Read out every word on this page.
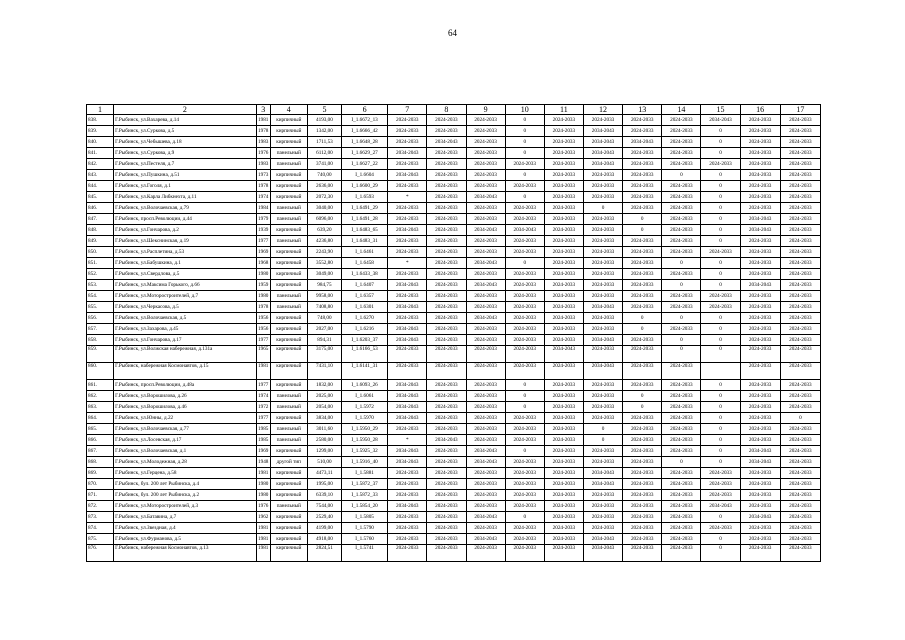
64
1	2	3	4	5	6	7	8	9	10	11	12	13	14	15	16	17
838.	Г.Рыбинск, ул.Вахарева, д.14	1981	кирпичный	4193,00	I_1.6672_13	2024-2033	2024-2033	2024-2033	0	2024-2033	2024-2033	2024-2033	2024-2033	2034-2043	2024-2033	2024-2033
839.	Г.Рыбинск, ул.Суркова, д.5	1978	кирпичный	1342,00	I_1.6666_42	2024-2033	2024-2033	2024-2033	0	2024-2033	2034-2043	2024-2033	2024-2033	0	2024-2033	2024-2033
840.	Г.Рыбинск, ул.Чебышева, д.18	1983	кирпичный	1711,53	I_1.6648_28	2024-2033	2034-2043	2024-2033	0	2024-2033	2034-2043	2034-2043	2024-2033	0	2024-2033	2024-2033
841.	Г.Рыбинск, ул.Суркова, д.9	1976	панельный	6112,00	I_1.6629_27	2034-2043	2024-2033	2024-2033	0	2024-2033	2034-2043	2024-2033	2024-2033	0	2024-2033	2024-2033
842.	Г.Рыбинск, ул.Пестеля, д.7	1983	панельный	3741,00	I_1.6627_22	2024-2033	2024-2033	2024-2033	2024-2033	2024-2033	2034-2043	2024-2033	2024-2033	2024-2033	2024-2033	2024-2033
843.	Г.Рыбинск, ул.Пушкина, д.51	1973	кирпичный	740,00	I_1.6604	2034-2043	2024-2033	2024-2033	0	2024-2033	2024-2033	2024-2033	0	0	2024-2033	2024-2033
844.	Г.Рыбинск, ул.Гоголя, д.1	1978	кирпичный	2636,00	I_1.6600_29	2024-2033	2024-2033	2024-2033	2024-2033	2024-2033	2024-2033	2024-2033	2024-2033	0	2024-2033	2024-2033
845.	Г.Рыбинск, ул.Карла Либкнехта, д.11	1974	кирпичный	2072,30	I_1.6593	*	2024-2033	2034-2043	0	2024-2033	2024-2033	2024-2033	2024-2033	0	2024-2033	2024-2033
846.	Г.Рыбинск, ул.Волочаевская, д.79	1984	панельный	3040,00	I_1.6491_29	2024-2033	2024-2033	2024-2033	2024-2033	2024-2033	0	2024-2033	2024-2033	0	2024-2033	2024-2033
847.	Г.Рыбинск, просп.Революции, д.44	1979	панельный	6096,00	I_1.6491_28	2024-2033	2024-2033	2024-2033	2024-2033	2024-2033	2024-2033	0	2024-2033	0	2034-2043	2024-2033
848.	Г.Рыбинск, ул.Гончарова, д.2	1939	кирпичный	639,20	I_1.6483_65	2034-2043	2024-2033	2034-2043	2034-2043	2024-2033	2024-2033	0	2024-2033	0	2034-2043	2024-2033
849.	Г.Рыбинск, ул.Шекснинская, д.19	1977	панельный	4236,80	I_1.6483_31	2024-2033	2024-2033	2024-2033	2024-2033	2024-2033	2024-2033	2024-2033	2024-2033	0	2024-2033	2024-2033
850.	Г.Рыбинск, ул.Расплетина, д.53	1969	кирпичный	2243,90	I_1.6461	2024-2033	2024-2033	2024-2033	2024-2033	2024-2033	2024-2033	2024-2033	2024-2033	2024-2033	2024-2033	2024-2033
851.	Г.Рыбинск, ул.Бабушкина, д.1	1968	кирпичный	3552,80	I_1.6458	*	2024-2033	2034-2043	0	2024-2033	2024-2033	2024-2033	0	0	2024-2033	2024-2033
852.	Г.Рыбинск, ул.Свердлова, д.5	1980	кирпичный	3049,00	I_1.6433_38	2024-2033	2024-2033	2024-2033	2024-2033	2024-2033	2024-2033	2024-2033	2024-2033	0	2024-2033	2024-2033
853.	Г.Рыбинск, ул.Максима Горького, д.66	1959	кирпичный	984,75	I_1.6407	2034-2043	2024-2033	2034-2043	2024-2033	2024-2033	2024-2033	2024-2033	0	0	2034-2043	2024-2033
854.	Г.Рыбинск, ул.Моторостроителей, д.7	1980	панельный	9958,00	I_1.6357	2024-2033	2024-2033	2024-2033	2024-2033	2024-2033	2024-2033	2024-2033	2024-2033	2024-2033	2024-2033	2024-2033
855.	Г.Рыбинск, ул.Черкасова, д.5	1978	панельный	7408,80	I_1.6301	2034-2043	2024-2033	2024-2033	2024-2033	2024-2033	2034-2043	2024-2033	2024-2033	2024-2033	2024-2033	2024-2033
856.	Г.Рыбинск, ул.Волочаевская, д.5	1956	кирпичный	748,00	I_1.6270	2024-2033	2024-2033	2034-2043	2024-2033	2024-2033	2024-2033	0	0	0	2024-2033	2024-2033
857.	Г.Рыбинск, ул.Захарова, д.45	1956	кирпичный	2027,00	I_1.6216	2034-2043	2024-2033	2024-2033	2024-2033	2024-2033	2024-2033	0	2024-2033	0	2024-2033	2024-2033
858.	Г.Рыбинск, ул.Гончарова, д.17	1977	кирпичный	894,31	I_1.6203_37	2034-2043	2024-2033	2024-2033	2024-2033	2024-2033	2034-2043	2024-2033	0	0	2024-2033	2024-2033
859.	Г.Рыбинск, ул.Волжская набережная, д.131а	1965	кирпичный	3175,00	I_1.6166_53	2024-2033	2024-2033	2024-2033	2024-2033	2034-2043	2024-2033	2024-2033	0	0	2024-2033	2024-2033
860.	Г.Рыбинск, набережная Космонавтов, д.15	1981	кирпичный	7431,10	I_1.6141_31	2024-2033	2024-2033	2024-2033	2024-2033	2024-2033	2034-2043	2024-2033	2024-2033		2024-2033	2024-2033
861.	Г.Рыбинск, просп.Революции, д.48а	1977	кирпичный	1832,00	I_1.6093_26	2034-2043	2024-2033	2024-2033	0	2024-2033	2024-2033	2024-2033	2024-2033	0	2024-2033	2024-2033
862.	Г.Рыбинск, ул.Ворошилова, д.26	1974	панельный	2025,00	I_1.6061	2034-2043	2024-2033	2024-2033	0	2024-2033	2024-2033	0	2024-2033	0	2024-2033	2024-2033
863.	Г.Рыбинск, ул.Ворошилова, д.46	1972	панельный	2054,00	I_1.5972	2034-2043	2024-2033	2024-2033	0	2024-2033	2024-2033	0	2024-2033	0	2024-2033	2024-2033
864.	Г.Рыбинск, ул.Юнны, д.22	1977	кирпичный	3834,00	I_1.5970	2034-2043	2024-2033	2024-2033	2024-2033	2024-2033	2024-2033	2024-2033	2024-2033	0	2024-2033	0
865.	Г.Рыбинск, ул.Волочаевская, д.77	1985	панельный	3011,60	I_1.5950_29	2024-2033	2024-2033	2024-2033	2024-2033	2024-2033	0	2024-2033	2024-2033	0	2024-2033	2024-2033
866.	Г.Рыбинск, ул.Лосевская, д.17	1985	панельный	2580,00	I_1.5950_28	*	2034-2043	2024-2033	2024-2033	2024-2033	0	2024-2033	2024-2033	0	2024-2033	2024-2033
867.	Г.Рыбинск, ул.Волочаевская, д.1	1969	кирпичный	1299,00	I_1.5925_32	2034-2043	2024-2033	2034-2043	0	2024-2033	2024-2033	2024-2033	2024-2033	0	2034-2043	2024-2033
868.	Г.Рыбинск, ул.Молодежная, д.28	1948	другой тип	510,00	I_1.5916_40	2034-2043	2024-2033	2034-2043	2024-2033	2024-2033	2024-2033	2024-2033	0	0	2034-2043	2024-2033
869.	Г.Рыбинск, ул.Герцена, д.58	1981	кирпичный	4473,11	I_1.5881	2024-2033	2024-2033	2024-2033	2024-2033	2024-2033	2034-2043	2024-2033	2024-2033	2024-2033	2024-2033	2024-2033
870.	Г.Рыбинск, бул. 200 лет Рыбинска, д.4	1980	кирпичный	1995,00	I_1.5872_37	2024-2033	2024-2033	2024-2033	2024-2033	2024-2033	2034-2043	2024-2033	2024-2033	2024-2033	2024-2033	2024-2033
871.	Г.Рыбинск, бул. 200 лет Рыбинска, д.2	1980	кирпичный	6339,10	I_1.5872_33	2024-2033	2024-2033	2024-2033	2024-2033	2024-2033	2024-2033	2024-2033	2024-2033	2024-2033	2024-2033	2024-2033
872.	Г.Рыбинск, ул.Моторостроителей, д.3	1976	панельный	7544,00	I_1.5854_20	2034-2043	2024-2033	2024-2033	2024-2033	2024-2033	2024-2033	2024-2033	2024-2033	2034-2043	2024-2033	2024-2033
873.	Г.Рыбинск, ул.Батавина, д.7	1962	кирпичный	2529,40	I_1.5805	2024-2033	2024-2033	2034-2043	0	2024-2033	2024-2033	2024-2033	2024-2033	0	2034-2043	2024-2033
874.	Г.Рыбинск, ул.Звездная, д.4	1981	кирпичный	4199,00	I_1.5790	2024-2033	2024-2033	2024-2033	2024-2033	2024-2033	2024-2033	2024-2033	2024-2033	2024-2033	2024-2033	2024-2033
875.	Г.Рыбинск, ул.Фурманова, д.5	1981	кирпичный	4918,00	I_1.5760	2024-2033	2024-2033	2034-2043	2024-2033	2024-2033	2034-2043	2024-2033	2024-2033	0	2024-2033	2024-2033
876.	Г.Рыбинск, набережная Космонавтов, д.13	1981	кирпичный	2824,51	I_1.5741	2024-2033	2024-2033	2024-2033	2024-2033	2024-2033	2034-2043	2024-2033	2024-2033	0	2024-2033	2024-2033
